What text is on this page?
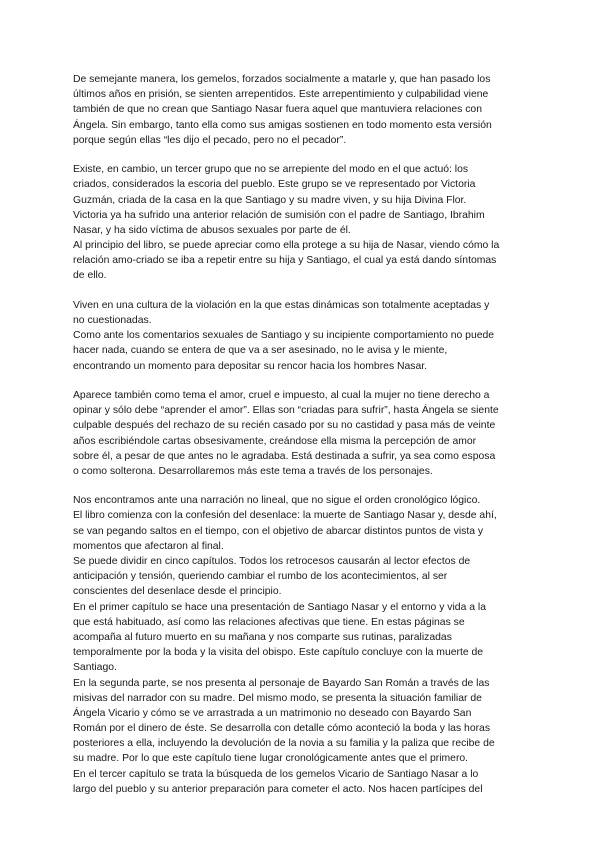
De semejante manera, los gemelos, forzados socialmente a matarle y, que han pasado los
últimos años en prisión, se sienten arrepentidos. Este arrepentimiento y culpabilidad viene
también de que no crean que Santiago Nasar fuera aquel que mantuviera relaciones con
Ángela. Sin embargo, tanto ella como sus amigas sostienen en todo momento esta versión
porque según ellas “les dijo el pecado, pero no el pecador”.
Existe, en cambio, un tercer grupo que no se arrepiente del modo en el que actuó: los
criados, considerados la escoria del pueblo. Este grupo se ve representado por Victoria
Guzmán, criada de la casa en la que Santiago y su madre viven, y su hija Divina Flor.
Victoria ya ha sufrido una anterior relación de sumisión con el padre de Santiago, Ibrahim
Nasar, y ha sido víctima de abusos sexuales por parte de él.
Al principio del libro, se puede apreciar como ella protege a su hija de Nasar, viendo cómo la
relación amo-criado se iba a repetir entre su hija y Santiago, el cual ya está dando síntomas
de ello.
Viven en una cultura de la violación en la que estas dinámicas son totalmente aceptadas y
no cuestionadas.
Como ante los comentarios sexuales de Santiago y su incipiente comportamiento no puede
hacer nada, cuando se entera de que va a ser asesinado, no le avisa y le miente,
encontrando un momento para depositar su rencor hacia los hombres Nasar.
Aparece también como tema el amor, cruel e impuesto, al cual la mujer no tiene derecho a
opinar y sólo debe “aprender el amor”. Ellas son “criadas para sufrir”, hasta Ángela se siente
culpable después del rechazo de su recién casado por su no castidad y pasa más de veinte
años escribiéndole cartas obsesivamente, creándose ella misma la percepción de amor
sobre él, a pesar de que antes no le agradaba. Está destinada a sufrir, ya sea como esposa
o como solterona. Desarrollaremos más este tema a través de los personajes.
Nos encontramos ante una narración no lineal, que no sigue el orden cronológico lógico.
El libro comienza con la confesión del desenlace: la muerte de Santiago Nasar y, desde ahí,
se van pegando saltos en el tiempo, con el objetivo de abarcar distintos puntos de vista y
momentos que afectaron al final.
Se puede dividir en cinco capítulos. Todos los retrocesos causarán al lector efectos de
anticipación y tensión, queriendo cambiar el rumbo de los acontecimientos, al ser
conscientes del desenlace desde el principio.
En el primer capítulo se hace una presentación de Santiago Nasar y el entorno y vida a la
que está habituado, así como las relaciones afectivas que tiene. En estas páginas se
acompaña al futuro muerto en su mañana y nos comparte sus rutinas, paralizadas
temporalmente por la boda y la visita del obispo. Este capítulo concluye con la muerte de
Santiago.
En la segunda parte, se nos presenta al personaje de Bayardo San Román a través de las
misivas del narrador con su madre. Del mismo modo, se presenta la situación familiar de
Ángela Vicario y cómo se ve arrastrada a un matrimonio no deseado con Bayardo San
Román por el dinero de éste. Se desarrolla con detalle cómo aconteció la boda y las horas
posteriores a ella, incluyendo la devolución de la novia a su familia y la paliza que recibe de
su madre. Por lo que este capítulo tiene lugar cronológicamente antes que el primero.
En el tercer capítulo se trata la búsqueda de los gemelos Vicario de Santiago Nasar a lo
largo del pueblo y su anterior preparación para cometer el acto. Nos hacen partícipes del
